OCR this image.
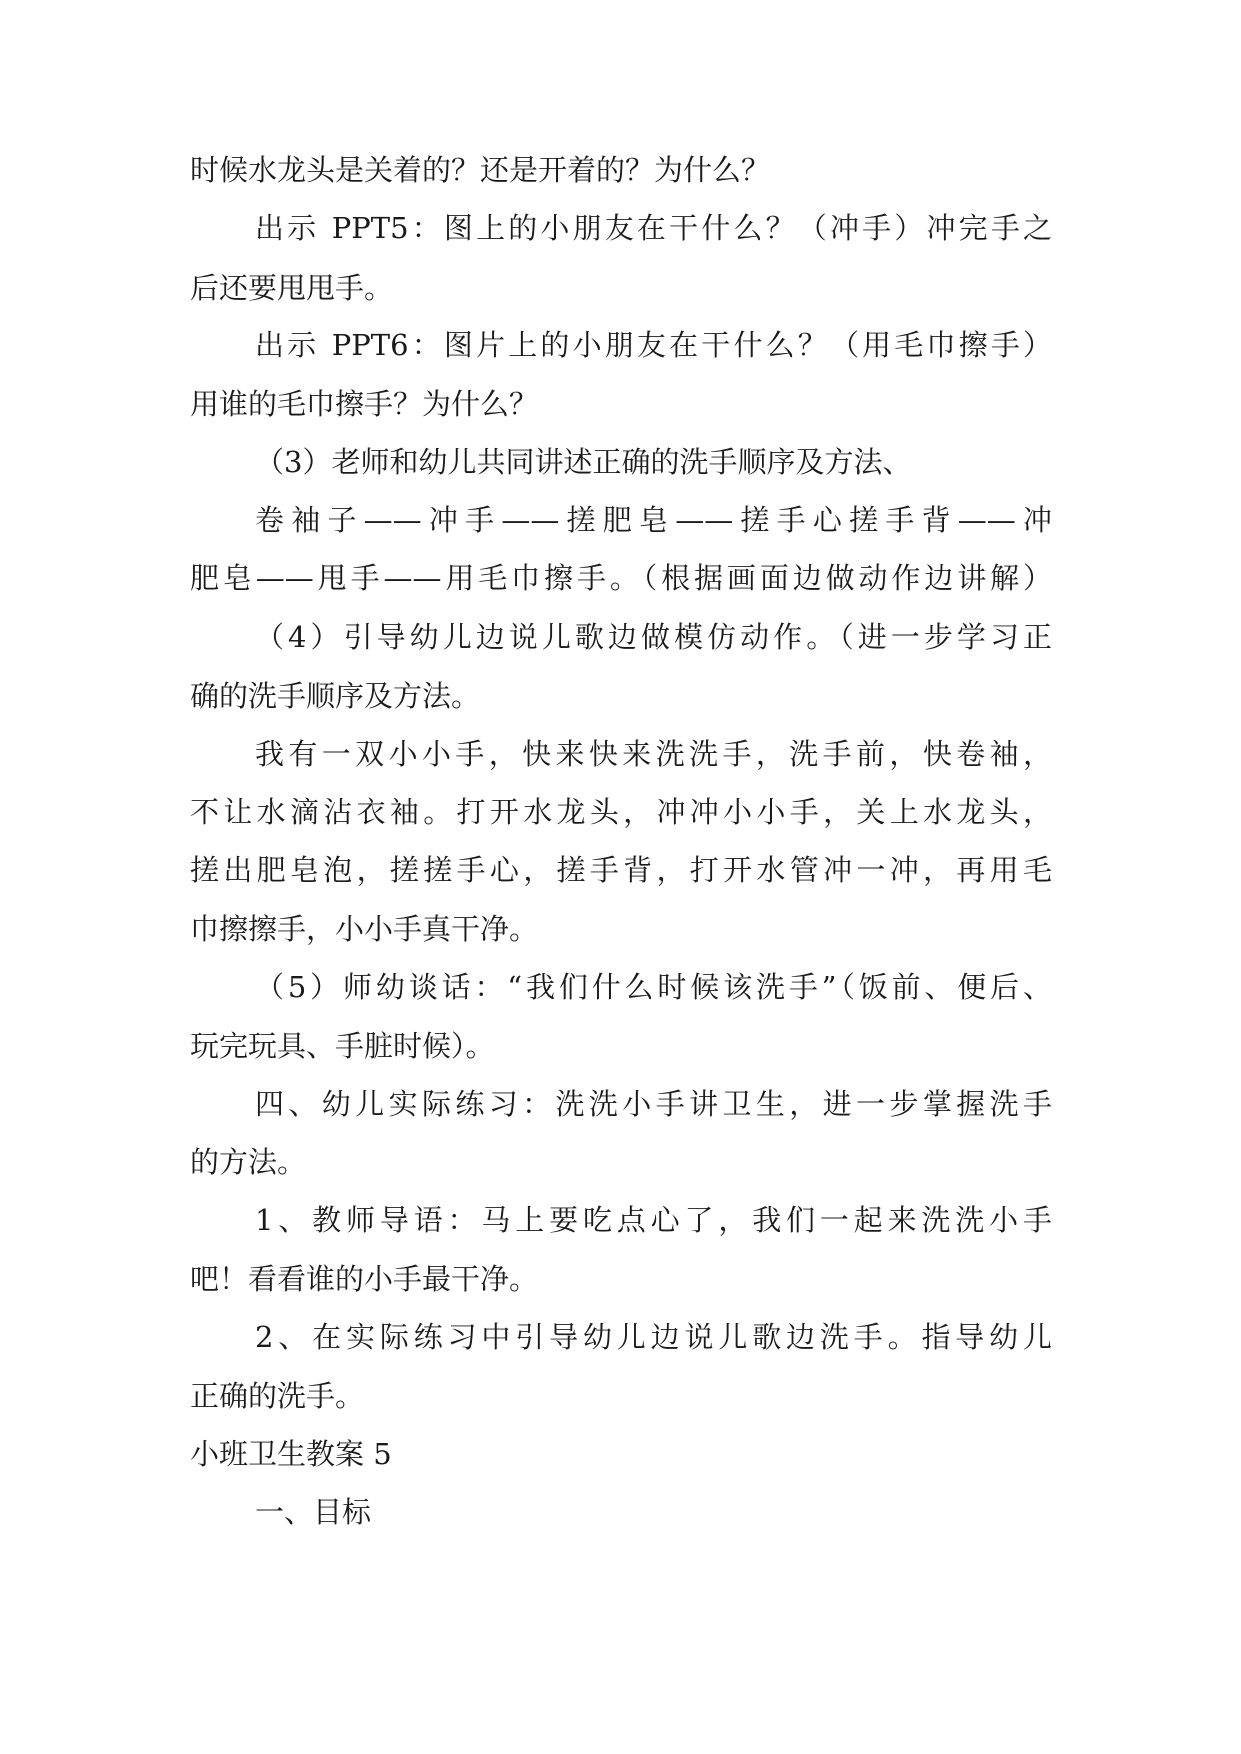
时候水龙头是关着的？还是开着的？为什么？
出示 PPT5：图上的小朋友在干什么？（冲手）冲完手之
后还要甩甩手。
出示 PPT6：图片上的小朋友在干什么？（用毛巾擦手）
用谁的毛巾擦手？为什么？
（3）老师和幼儿共同讲述正确的洗手顺序及方法、
卷袖子——冲手——搓肥皂——搓手心搓手背——冲
肥皂——甩手——用毛巾擦手。（根据画面边做动作边讲解）
（4）引导幼儿边说儿歌边做模仿动作。（进一步学习正
确的洗手顺序及方法。
我有一双小小手，快来快来洗洗手，洗手前，快卷袖，
不让水滴沾衣袖。打开水龙头，冲冲小小手，关上水龙头，
搓出肥皂泡，搓搓手心，搓手背，打开水管冲一冲，再用毛
巾擦擦手，小小手真干净。
（5）师幼谈话：“我们什么时候该洗手”（饭前、便后、
玩完玩具、手脏时候）。
四、幼儿实际练习：洗洗小手讲卫生，进一步掌握洗手
的方法。
1、教师导语：马上要吃点心了，我们一起来洗洗小手
吧！看看谁的小手最干净。
2、在实际练习中引导幼儿边说儿歌边洗手。指导幼儿
正确的洗手。
小班卫生教案 5
一、目标
